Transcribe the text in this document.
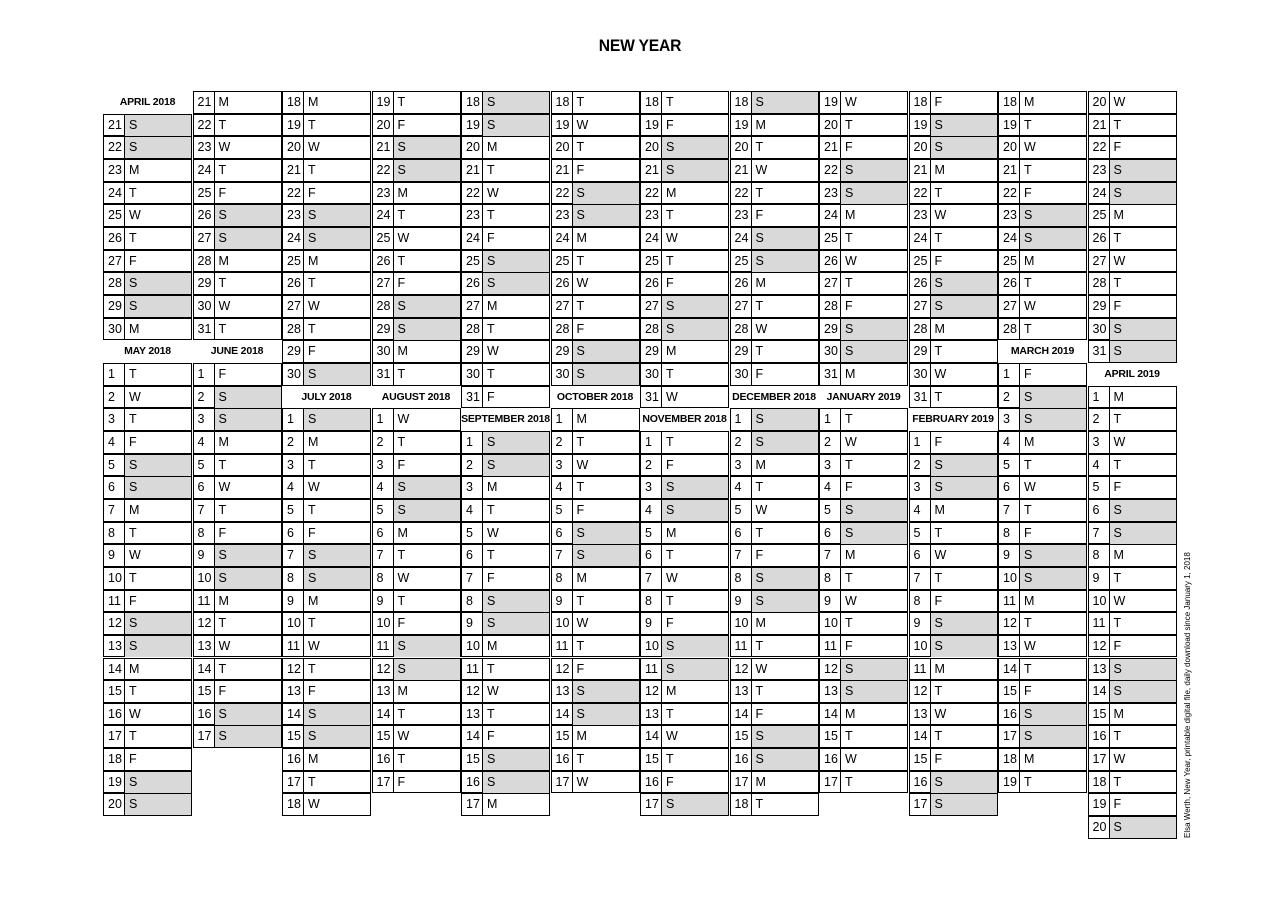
NEW YEAR
APRIL 2018
21 S
22 S
23 M
24 T
25 W
26 T
27 F
28 S
29 S
30 M
MAY 2018
1	T
2	W
3	T
4	F
5	S
6	S
7	M
8	T
9	W
10 T
11 F
12 S
13 S
14 M
15 T
16 W
17 T
18 F
19 S
20 S
21 M
22 T
23 W
24 T
25 F
26 S
27 S
28 M
29 T
30 W
31 T
JUNE 2018
1	F
2	S
3	S
4	M
5	T
6	W
7	T
8	F
9	S
10 S
11 M
12 T
13 W
14 T
15 F
16 S
17 S
18 M
19 T
20 W
21 T
22 F
23 S
24 S
25 M
26 T
27 W
28 T
29 F
30 S
JULY 2018
1	S
2	M
3	T
4	W
5	T
6	F
7	S
8	S
9	M
10 T
11 W
12 T
13 F
14 S
15 S
16 M
17 T
18 W
19 T
20 F
21 S
22 S
23 M
24 T
25 W
26 T
27 F
28 S
29 S
30 M
31 T
AUGUST 2018
1	W
2	T
3	F
4	S
5	S
6	M
7	T
8	W
9	T
10 F
11 S
12 S
13 M
14 T
15 W
16 T
17 F
18 S
19 S
20 M
21 T
22 W
23 T
24 F
25 S
26 S
27 M
28 T
29 W
30 T
31 F
SEPTEMBER 2018
1	S
2	S
3	M
4	T
5	W
6	T
7	F
8	S
9	S
10 M
11 T
12 W
13 T
14 F
15 S
16 S
17 M
18 T
19 W
20 T
21 F
22 S
23 S
24 M
25 T
26 W
27 T
28 F
29 S
30 S
OCTOBER 2018
1	M
2	T
3	W
4	T
5	F
6	S
7	S
8	M
9	T
10 W
11 T
12 F
13 S
14 S
15 M
16 T
17 W
18 T
19 F
20 S
21 S
22 M
23 T
24 W
25 T
26 F
27 S
28 S
29 M
30 T
31 W
NOVEMBER 2018
1	T
2	F
3	S
4	S
5	M
6	T
7	W
8	T
9	F
10 S
11 S
12 M
13 T
14 W
15 T
16 F
17 S
18 S
19 M
20 T
21 W
22 T
23 F
24 S
25 S
26 M
27 T
28 W
29 T
30 F
DECEMBER 2018
1	S
2	S
3	M
4	T
5	W
6	T
7	F
8	S
9	S
10 M
11 T
12 W
13 T
14 F
15 S
16 S
17 M
18 T
19 W
20 T
21 F
22 S
23 S
24 M
25 T
26 W
27 T
28 F
29 S
30 S
31 M
JANUARY 2019
1	T
2	W
3	T
4	F
5	S
6	S
7	M
8	T
9	W
10 T
11 F
12 S
13 S
14 M
15 T
16 W
17 T
18 F
19 S
20 S
21 M
22 T
23 W
24 T
25 F
26 S
27 S
28 M
29 T
30 W
31 T
FEBRUARY 2019
1	F
2	S
3	S
4	M
5	T
6	W
7	T
8	F
9	S
10 S
11 M
12 T
13 W
14 T
15 F
16 S
17 S
18 M
19 T
20 W
21 T
22 F
23 S
24 S
25 M
26 T
27 W
28 T
MARCH 2019
1	F
2	S
3	S
4	M
5	T
6	W
7	T
8	F
9	S
10 S
11 M
12 T
13 W
14 T
15 F
16 S
17 S
18 M
19 T
20 W
21 T
22 F
23 S
24 S
25 M
26 T
27 W
28 T
29 F
30 S
31 S
APRIL 2019
1	M
2	T
3	W
4	T
5	F
6	S
7	S
8	M
9	T
10 W
11 T
12 F
13 S
14 S
15 M
16 T
17 W
18 T
19 F
20 S	Elsa Werth, New Year, printable digital file, daily download since January 1, 2018
